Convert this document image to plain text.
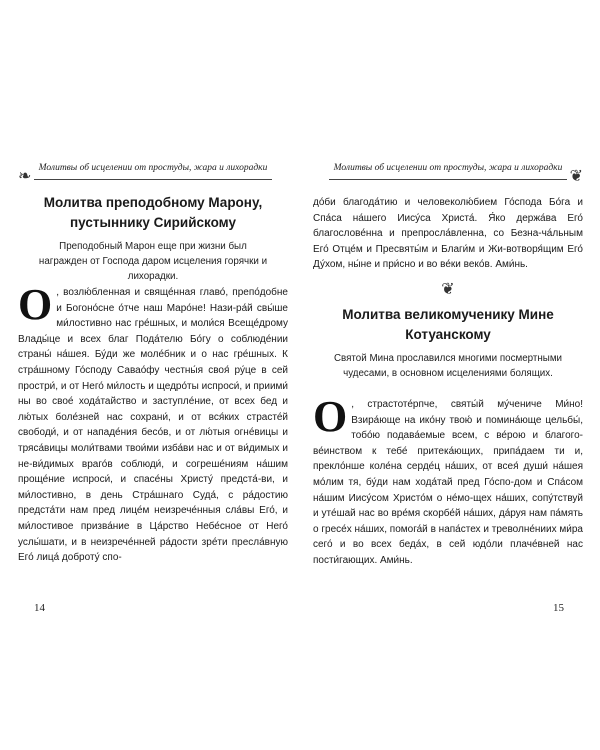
❧ Молитвы об исцелении от простуды, жара и лихорадки
Молитва преподобному Марону, пустыннику Сирийскому
Преподобный Марон еще при жизни был награжден от Господа даром исцеления горячки и лихорадки.

О , возлю́бленная и свяще́нная главо́, препо́добне и Богоно́сне о́тче наш Маро́не! Нази-ра́й свы́ше ми́лостивно нас гре́шных, и моли́ся Всеще́дрому Влады́це и всех благ Пода́телю Бо́гу о соблюде́нии страны́ на́шея. Бу́ди же моле́бник и о нас гре́шных. К стра́шному Го́споду Савао́фу честны́я своя́ ру́це в сей простри́, и от Него́ ми́лость и щедро́ты испроси́, и приими́ ны во свое́ хода́тайство и заступле́ние, от всех бед и лю́тых боле́зней нас сохрани́, и от вся́ких страсте́й свободи́, и от нападе́ния бесо́в, и от лю́тыя огне́вицы и тряса́вицы моли́твами твои́ми изба́ви нас и от ви́димых и не-ви́димых враго́в соблюди́, и согреше́ниям на́шим проще́ние испроси́, и спасе́ны Христу́ предста́-ви, и ми́лостивно, в день Стра́шнаго Суда́, с ра́достию предста́ти нам пред лице́м неизрече́нныя сла́вы Его́, и ми́лостивое призва́ние в Ца́рство Небе́сное от Него́ услы́шати, и в неизрече́нней ра́дости зре́ти пресла́вную Его́ лица́ доброту́ спо-

14
Молитвы об исцелении от простуды, жара и лихорадки ❦

до́би благода́тию и человеколю́бием Го́спода Бо́га и Спа́са на́шего Иису́са Христа́. Я́ко держа́ва Его́ благослове́нна и препросла́вленна, со Безна-ча́льным Его́ Отце́м и Пресвяты́м и Благи́м и Жи-вотворя́щим Его́ Ду́хом, ны́не и при́сно и во ве́ки веко́в. Ами́нь.

❦
Молитва великомученику Мине Котуанскому
Святой Мина прославился многими посмертными чудесами, в основном исцелениями болящих.

О , страстоте́рпче, святы́й му́чениче Ми́но! Взира́юще на ико́ну твою́ и помина́юще цельбы́, тобо́ю подава́емые всем, с ве́рою и благого-ве́инством к тебе́ притека́ющих, припа́даем ти и, прекло́нше коле́на серде́ц на́ших, от всея́ души́ на́шея мо́лим тя, бу́ди нам хода́тай пред Го́спо-дом и Спа́сом на́шим Иису́сом Христо́м о не́мо-щех на́ших, сопу́тствуй и уте́шай нас во вре́мя скорбе́й на́ших, да́руя нам па́мять о гресе́х на́ших, помога́й в напа́стех и треволне́ниих ми́ра сего́ и во всех беда́х, в сей юдо́ли плаче́вней нас пости́гающих. Ами́нь.

15
